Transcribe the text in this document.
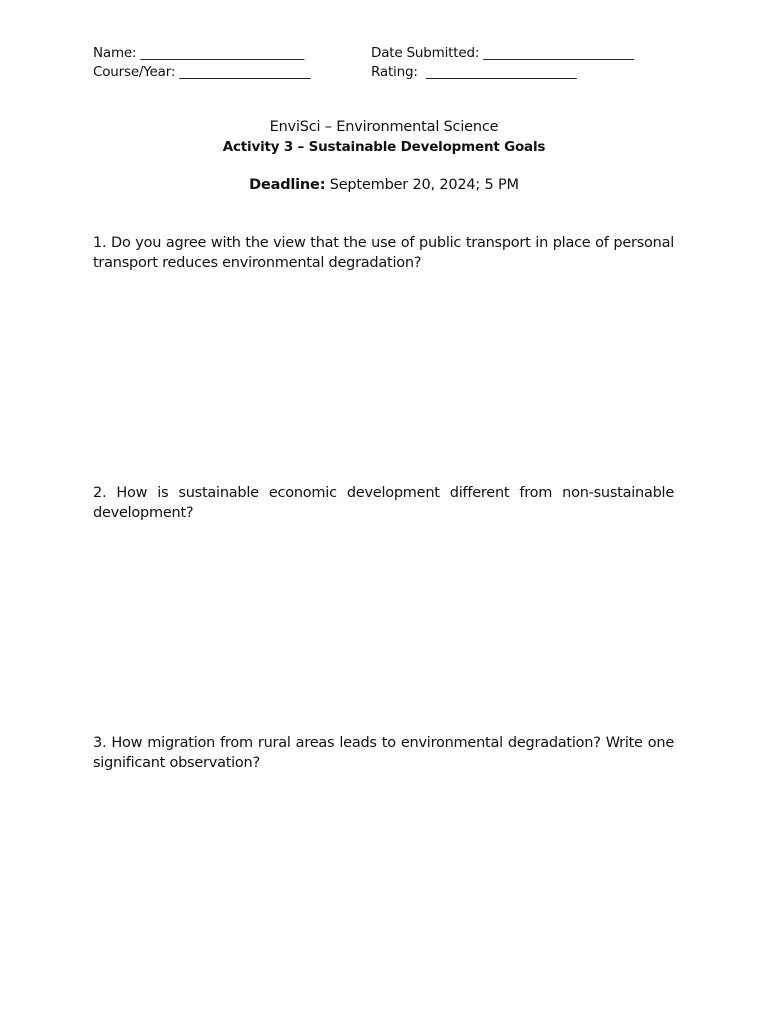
Name: _________________________	Date Submitted: _______________________
Course/Year: ____________________	Rating:  _______________________
EnviSci – Environmental Science
Activity 3 – Sustainable Development Goals
Deadline: September 20, 2024; 5 PM
1. Do you agree with the view that the use of public transport in place of personal transport reduces environmental degradation?
2. How is sustainable economic development different from non-sustainable development?
3. How migration from rural areas leads to environmental degradation? Write one significant observation?
